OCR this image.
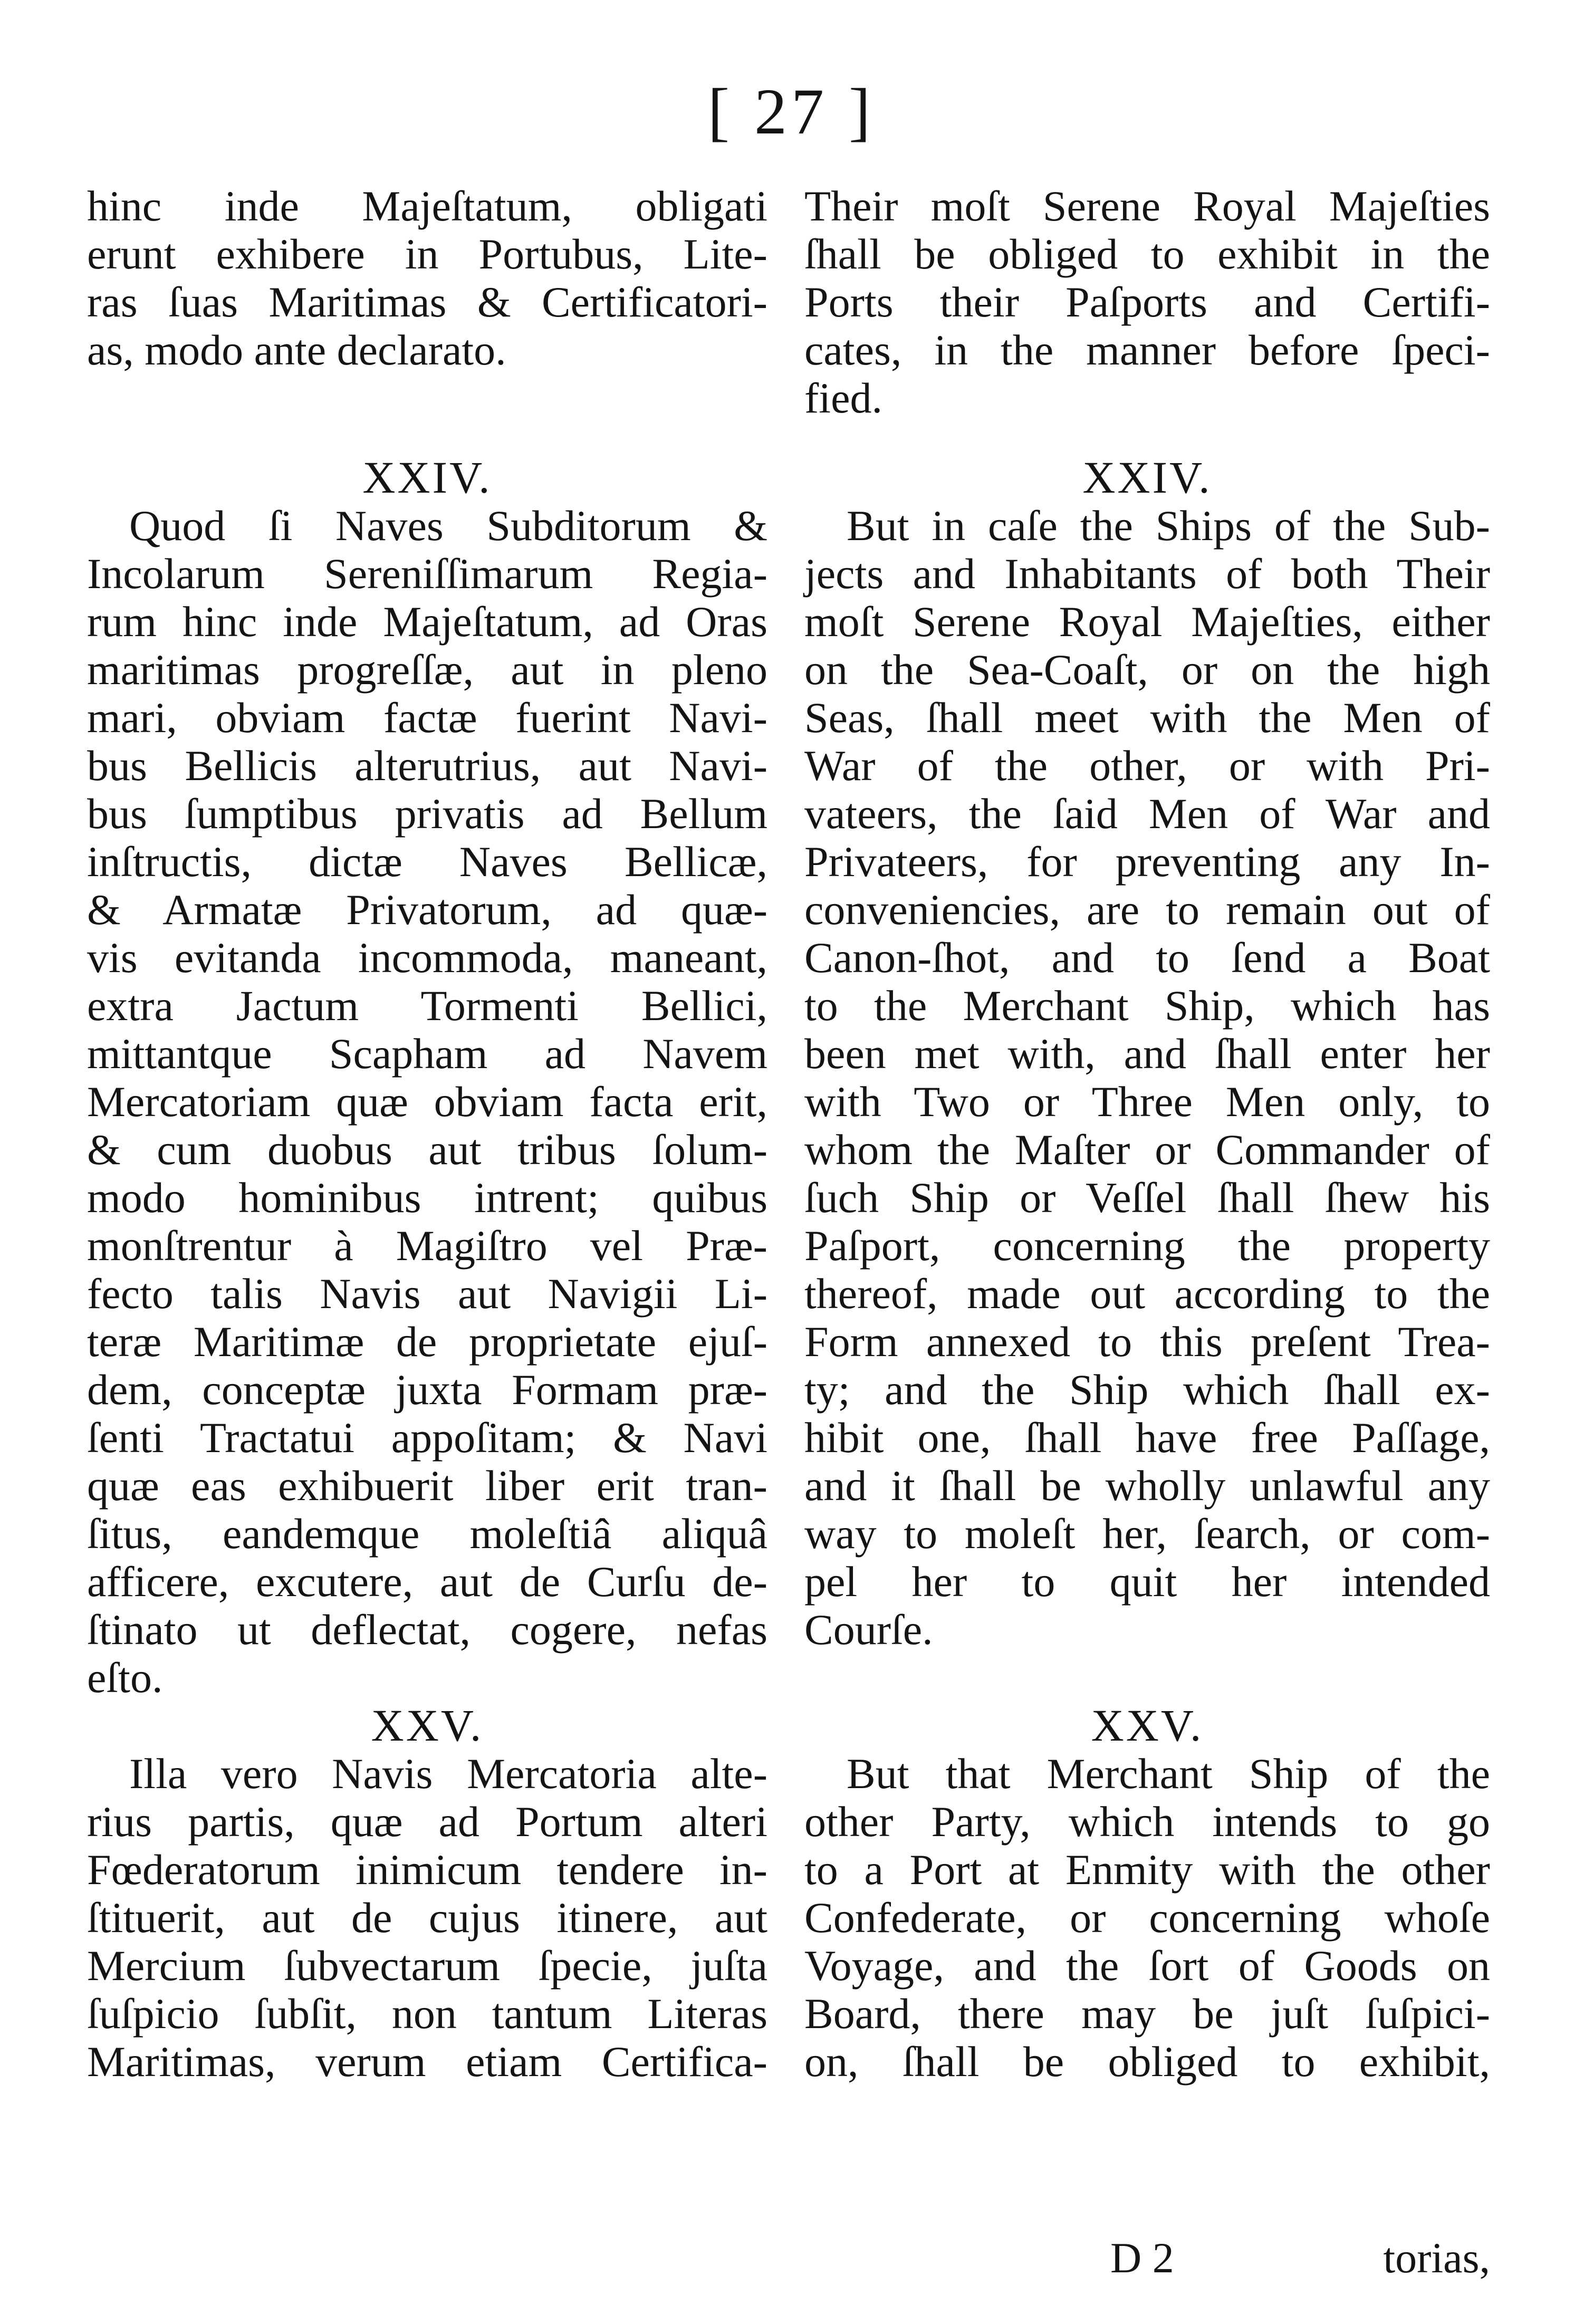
[ 27 ]
hinc inde Majeſtatum, obligati
erunt exhibere in Portubus, Lite-
ras ſuas Maritimas & Certificatori-
as, modo ante declarato.
XXIV.
Quod ſi Naves Subditorum &
Incolarum Sereniſſimarum Regia-
rum hinc inde Majeſtatum, ad Oras
maritimas progreſſæ, aut in pleno
mari, obviam factæ fuerint Navi-
bus Bellicis alterutrius, aut Navi-
bus ſumptibus privatis ad Bellum
inſtructis, dictæ Naves Bellicæ,
& Armatæ Privatorum, ad quæ-
vis evitanda incommoda, maneant,
extra Jactum Tormenti Bellici,
mittantque Scapham ad Navem
Mercatoriam quæ obviam facta erit,
& cum duobus aut tribus ſolum-
modo hominibus intrent; quibus
monſtrentur à Magiſtro vel Præ-
fecto talis Navis aut Navigii Li-
teræ Maritimæ de proprietate ejuſ-
dem, conceptæ juxta Formam præ-
ſenti Tractatui appoſitam; & Navi
quæ eas exhibuerit liber erit tran-
ſitus, eandemque moleſtiâ aliquâ
afficere, excutere, aut de Curſu de-
ſtinato ut deflectat, cogere, nefas
eſto.
XXV.
Illa vero Navis Mercatoria alte-
rius partis, quæ ad Portum alteri
Fœderatorum inimicum tendere in-
ſtituerit, aut de cujus itinere, aut
Mercium ſubvectarum ſpecie, juſta
ſuſpicio ſubſit, non tantum Literas
Maritimas, verum etiam Certifica-
Their moſt Serene Royal Majeſties
ſhall be obliged to exhibit in the
Ports their Paſports and Certifi-
cates, in the manner before ſpeci-
fied.
XXIV.
But in caſe the Ships of the Sub-
jects and Inhabitants of both Their
moſt Serene Royal Majeſties, either
on the Sea-Coaſt, or on the high
Seas, ſhall meet with the Men of
War of the other, or with Pri-
vateers, the ſaid Men of War and
Privateers, for preventing any In-
conveniencies, are to remain out of
Canon-ſhot, and to ſend a Boat
to the Merchant Ship, which has
been met with, and ſhall enter her
with Two or Three Men only, to
whom the Maſter or Commander of
ſuch Ship or Veſſel ſhall ſhew his
Paſport, concerning the property
thereof, made out according to the
Form annexed to this preſent Trea-
ty; and the Ship which ſhall ex-
hibit one, ſhall have free Paſſage,
and it ſhall be wholly unlawful any
way to moleſt her, ſearch, or com-
pel her to quit her intended
Courſe.
XXV.
But that Merchant Ship of the
other Party, which intends to go
to a Port at Enmity with the other
Confederate, or concerning whoſe
Voyage, and the ſort of Goods on
Board, there may be juſt ſuſpici-
on, ſhall be obliged to exhibit,
D 2	torias,
